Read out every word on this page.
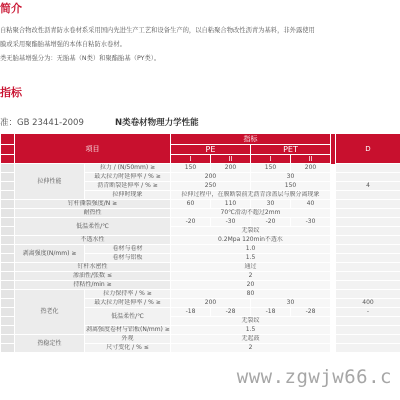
简介
自粘聚合物改性沥青防水卷材系采用国内先进生产工艺和设备生产的，以自粘聚合物改性沥青为基料，非外露使用
膜或采用聚酯胎基增强的本体自粘防水卷材。
类无胎基增强分为：无胎基（N类）和聚酯胎基（PY类）。
指标
准：GB 23441-2009	N类卷材物理力学性能
	项目		指标					D
			PE		PET			
			I	II	I	II		
	拉伸性能	拉力 / (N/50mm) ≥	150	200	150	200		
		最大拉力时延伸率 / % ≥	200		30			
		沥青断裂延伸率 / % ≥	250		150			4
		拉伸时现象	拉伸过程中，在膜断裂前无沥青涂盖层与膜分离现象					
	钉杆撕裂强度/N ≥		60	110	30	40		
	耐热性		70℃滑动不超过2mm					
	低温柔性/℃		-20	-30	-20	-30		
			无裂纹					
	不透水性		0.2Mpa 120min不透水					
	剥离强度(N/mm) ≥	卷材与卷材	1.0					
		卷材与铝板	1.5					
	钉杆水密性		通过					
	渗油性/张数 ≤		2					
	持粘性/min ≥		20					
	热老化	拉力保持率 / % ≥	80					
		最大拉力时延伸率 / % ≥	200		30			400
		低温柔性/℃	-18	-28	-18	-28		-
			无裂纹					
		剥离强度卷材与铝板(N/mm) ≥	1.5					
	热稳定性	外观	无起鼓					
		尺寸变化 / % ≤	2					
www.zgwjw66.c
